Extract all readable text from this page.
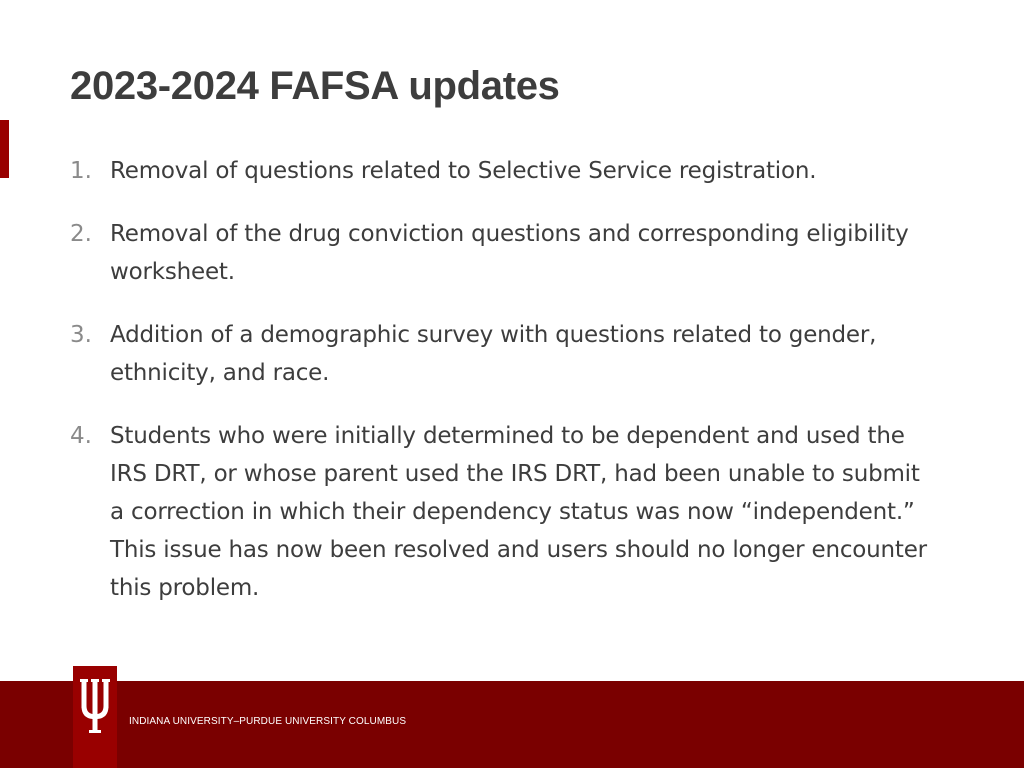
2023-2024 FAFSA updates
1. Removal of questions related to Selective Service registration.
2. Removal of the drug conviction questions and corresponding eligibility worksheet.
3. Addition of a demographic survey with questions related to gender, ethnicity, and race.
4. Students who were initially determined to be dependent and used the IRS DRT, or whose parent used the IRS DRT, had been unable to submit a correction in which their dependency status was now “independent.” This issue has now been resolved and users should no longer encounter this problem.
INDIANA UNIVERSITY–PURDUE UNIVERSITY COLUMBUS
